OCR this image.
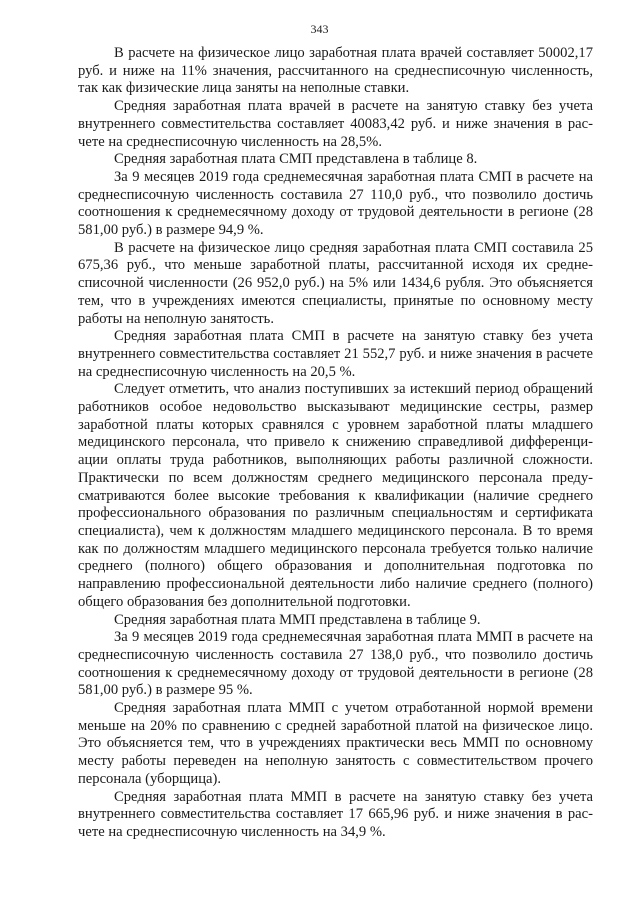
343

В расчете на физическое лицо заработная плата врачей составляет 50002,17 руб. и ниже на 11% значения, рассчитанного на среднесписочную численность, так как физические лица заняты на неполные ставки.

Средняя заработная плата врачей в расчете на занятую ставку без учета внутреннего совместительства составляет 40083,42 руб. и ниже значения в расчете на среднесписочную численность на 28,5%.

Средняя заработная плата СМП представлена в таблице 8.

За 9 месяцев 2019 года среднемесячная заработная плата СМП в расчете на среднесписочную численность составила 27 110,0 руб., что позволило достичь соотношения к среднемесячному доходу от трудовой деятельности в регионе (28 581,00 руб.) в размере 94,9 %.

В расчете на физическое лицо средняя заработная плата СМП составила 25 675,36 руб., что меньше заработной платы, рассчитанной исходя их среднесписочной численности (26 952,0 руб.) на 5% или 1434,6 рубля. Это объясняется тем, что в учреждениях имеются специалисты, принятые по основному месту работы на неполную занятость.

Средняя заработная плата СМП в расчете на занятую ставку без учета внутреннего совместительства составляет 21 552,7 руб. и ниже значения в расчете на среднесписочную численность на 20,5 %.

Следует отметить, что анализ поступивших за истекший период обращений работников особое недовольство высказывают медицинские сестры, размер заработной платы которых сравнялся с уровнем заработной платы младшего медицинского персонала, что привело к снижению справедливой дифференциации оплаты труда работников, выполняющих работы различной сложности. Практически по всем должностям среднего медицинского персонала предусматриваются более высокие требования к квалификации (наличие среднего профессионального образования по различным специальностям и сертификата специалиста), чем к должностям младшего медицинского персонала. В то время как по должностям младшего медицинского персонала требуется только наличие среднего (полного) общего образования и дополнительная подготовка по направлению профессиональной деятельности либо наличие среднего (полного) общего образования без дополнительной подготовки.

Средняя заработная плата ММП представлена в таблице 9.

За 9 месяцев 2019 года среднемесячная заработная плата ММП в расчете на среднесписочную численность составила 27 138,0 руб., что позволило достичь соотношения к среднемесячному доходу от трудовой деятельности в регионе (28 581,00 руб.) в размере 95 %.

Средняя заработная плата ММП с учетом отработанной нормой времени меньше на 20% по сравнению с средней заработной платой на физическое лицо. Это объясняется тем, что в учреждениях практически весь ММП по основному месту работы переведен на неполную занятость с совместительством прочего персонала (уборщица).

Средняя заработная плата ММП в расчете на занятую ставку без учета внутреннего совместительства составляет 17 665,96 руб. и ниже значения в расчете на среднесписочную численность на 34,9 %.
